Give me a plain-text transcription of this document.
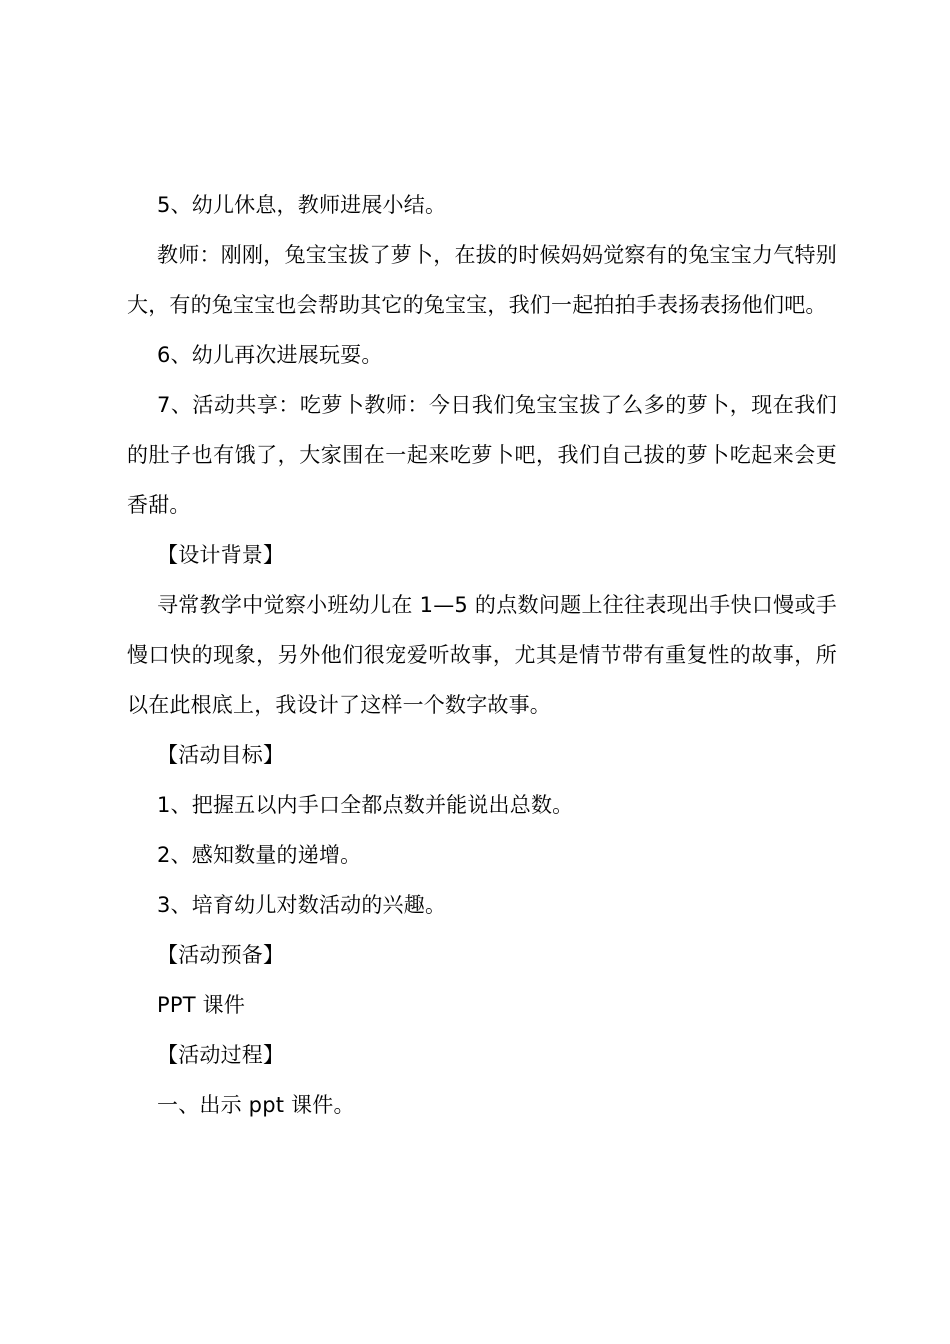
5、幼儿休息，教师进展小结。

教师：刚刚，兔宝宝拔了萝卜，在拔的时候妈妈觉察有的兔宝宝力气特别大，有的兔宝宝也会帮助其它的兔宝宝，我们一起拍拍手表扬表扬他们吧。

6、幼儿再次进展玩耍。

7、活动共享：吃萝卜教师：今日我们兔宝宝拔了么多的萝卜，现在我们的肚子也有饿了，大家围在一起来吃萝卜吧，我们自己拔的萝卜吃起来会更香甜。

【设计背景】

寻常教学中觉察小班幼儿在 1—5 的点数问题上往往表现出手快口慢或手慢口快的现象，另外他们很宠爱听故事，尤其是情节带有重复性的故事，所以在此根底上，我设计了这样一个数字故事。

【活动目标】

1、把握五以内手口全都点数并能说出总数。

2、感知数量的递增。

3、培育幼儿对数活动的兴趣。

【活动预备】

PPT 课件

【活动过程】

一、出示 ppt 课件。
